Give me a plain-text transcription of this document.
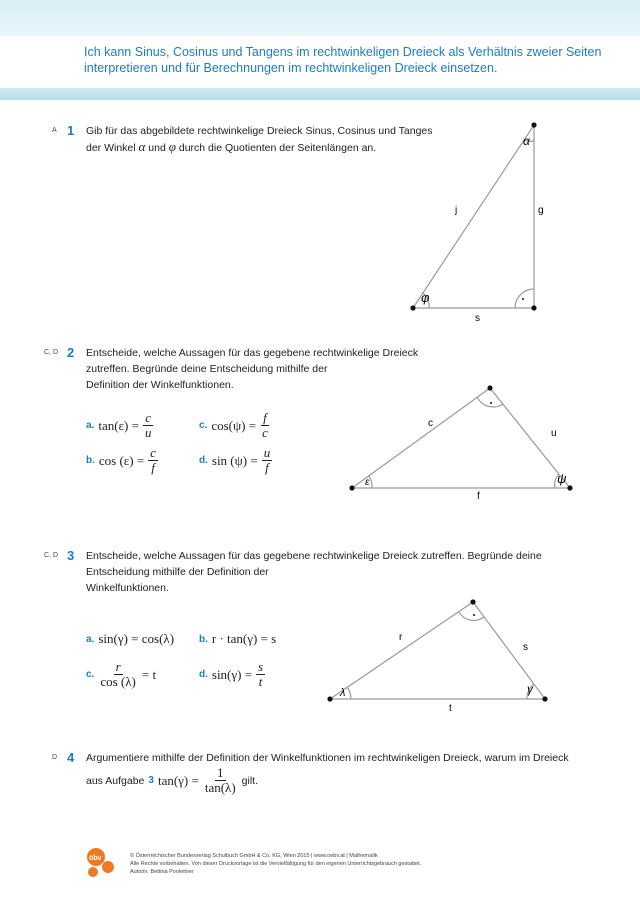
Ich kann Sinus, Cosinus und Tangens im rechtwinkeligen Dreieck als Verhältnis zweier Seiten
interpretieren und für Berechnungen im rechtwinkeligen Dreieck einsetzen.
A 1 Gib für das abgebildete rechtwinkelige Dreieck Sinus, Cosinus und Tanges
der Winkel α und φ durch die Quotienten der Seitenlängen an.	α
φ
j	g
s
C, D 2 Entscheide, welche Aussagen für das gegebene rechtwinkelige Dreieck
zutreffen. Begründe deine Entscheidung mithilfe der
Definition der Winkelfunktionen.
a. $\tan(\varepsilon) = \frac{c}{u}$
b. $\cos (\varepsilon) = \frac{c}{f}$
c. $\cos(\psi) = \frac{f}{c}$
d. $\sin (\psi) = \frac{u}{f}$
ε	ψ
c
u
f
C, D 3 Entscheide, welche Aussagen für das gegebene rechtwinkelige Dreieck zutreffen. Begründe deine
Entscheidung mithilfe der Definition der
Winkelfunktionen.
a. sin(γ) = cos(λ) b. r · tan(γ) = s
c. $\frac{r}{\cos (\lambda)} = t$	d. $\sin(\gamma) = \frac{s}{t}$
λ	γ
r
s
t
D 4 Argumentiere mithilfe der Definition der Winkelfunktionen im rechtwinkeligen Dreieck, warum im Dreieck
aus Aufgabe 3 $\tan(\gamma) = \frac{1}{\tan(\lambda)}$ gilt.
öbv	© Österreichischer Bundesverlag Schulbuch GmbH & Co. KG, Wien 2015 | www.oebv.at | Mathematik
Alle Rechte vorbehalten. Von dieser Druckvorlage ist die Vervielfältigung für den eigenen Unterrichtsgebrauch gestattet.
Autorin: Bettina Ponleitner
